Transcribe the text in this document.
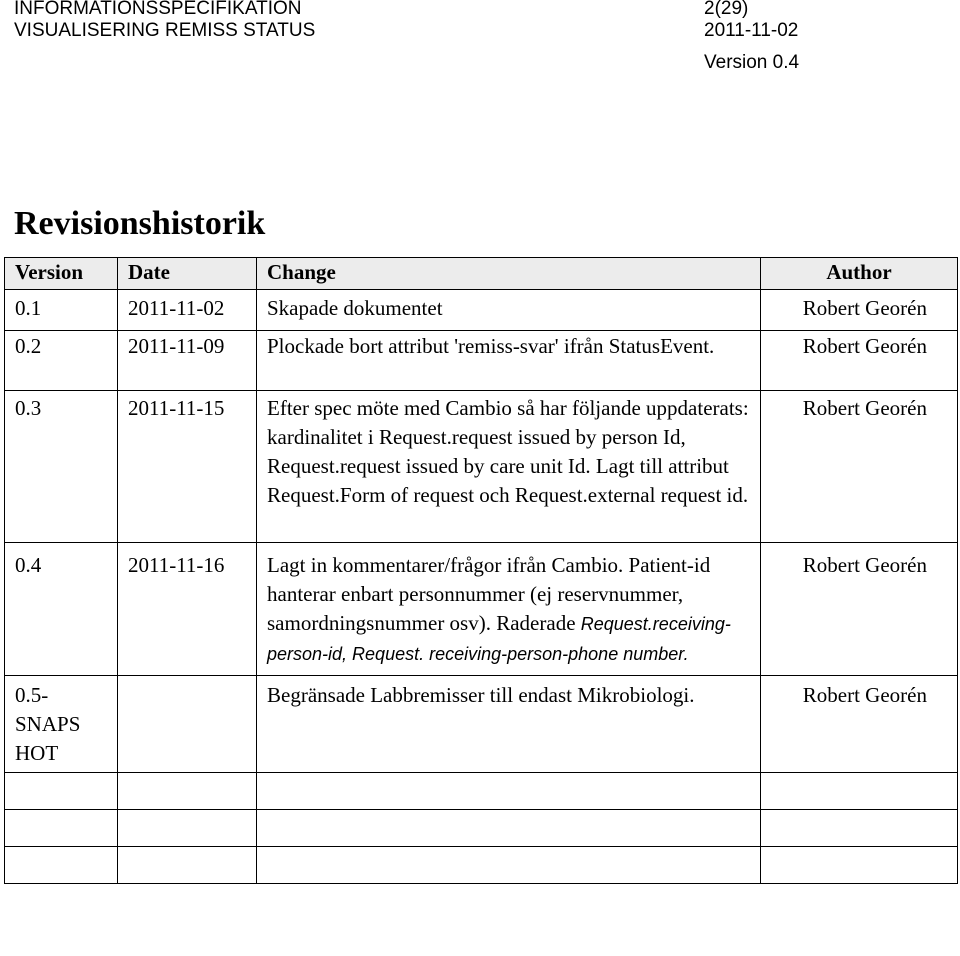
INFORMATIONSSPECIFIKATION
VISUALISERING REMISS STATUS
2(29)
2011-11-02
Version 0.4
Revisionshistorik
Version	Date	Change	Author
0.1	2011-11-02	Skapade dokumentet	Robert Georén
0.2	2011-11-09	Plockade bort attribut 'remiss-svar' ifrån StatusEvent.	Robert Georén
0.3	2011-11-15	Efter spec möte med Cambio så har följande uppdaterats: kardinalitet i Request.request issued by person Id, Request.request issued by care unit Id. Lagt till attribut Request.Form of request och Request.external request id.	Robert Georén
0.4	2011-11-16	Lagt in kommentarer/frågor ifrån Cambio. Patient-id hanterar enbart personnummer (ej reservnummer, samordningsnummer osv). Raderade Request.receiving-person-id, Request. receiving-person-phone number.	Robert Georén
0.5-SNAPS HOT		Begränsade Labbremisser till endast Mikrobiologi.	Robert Georén
